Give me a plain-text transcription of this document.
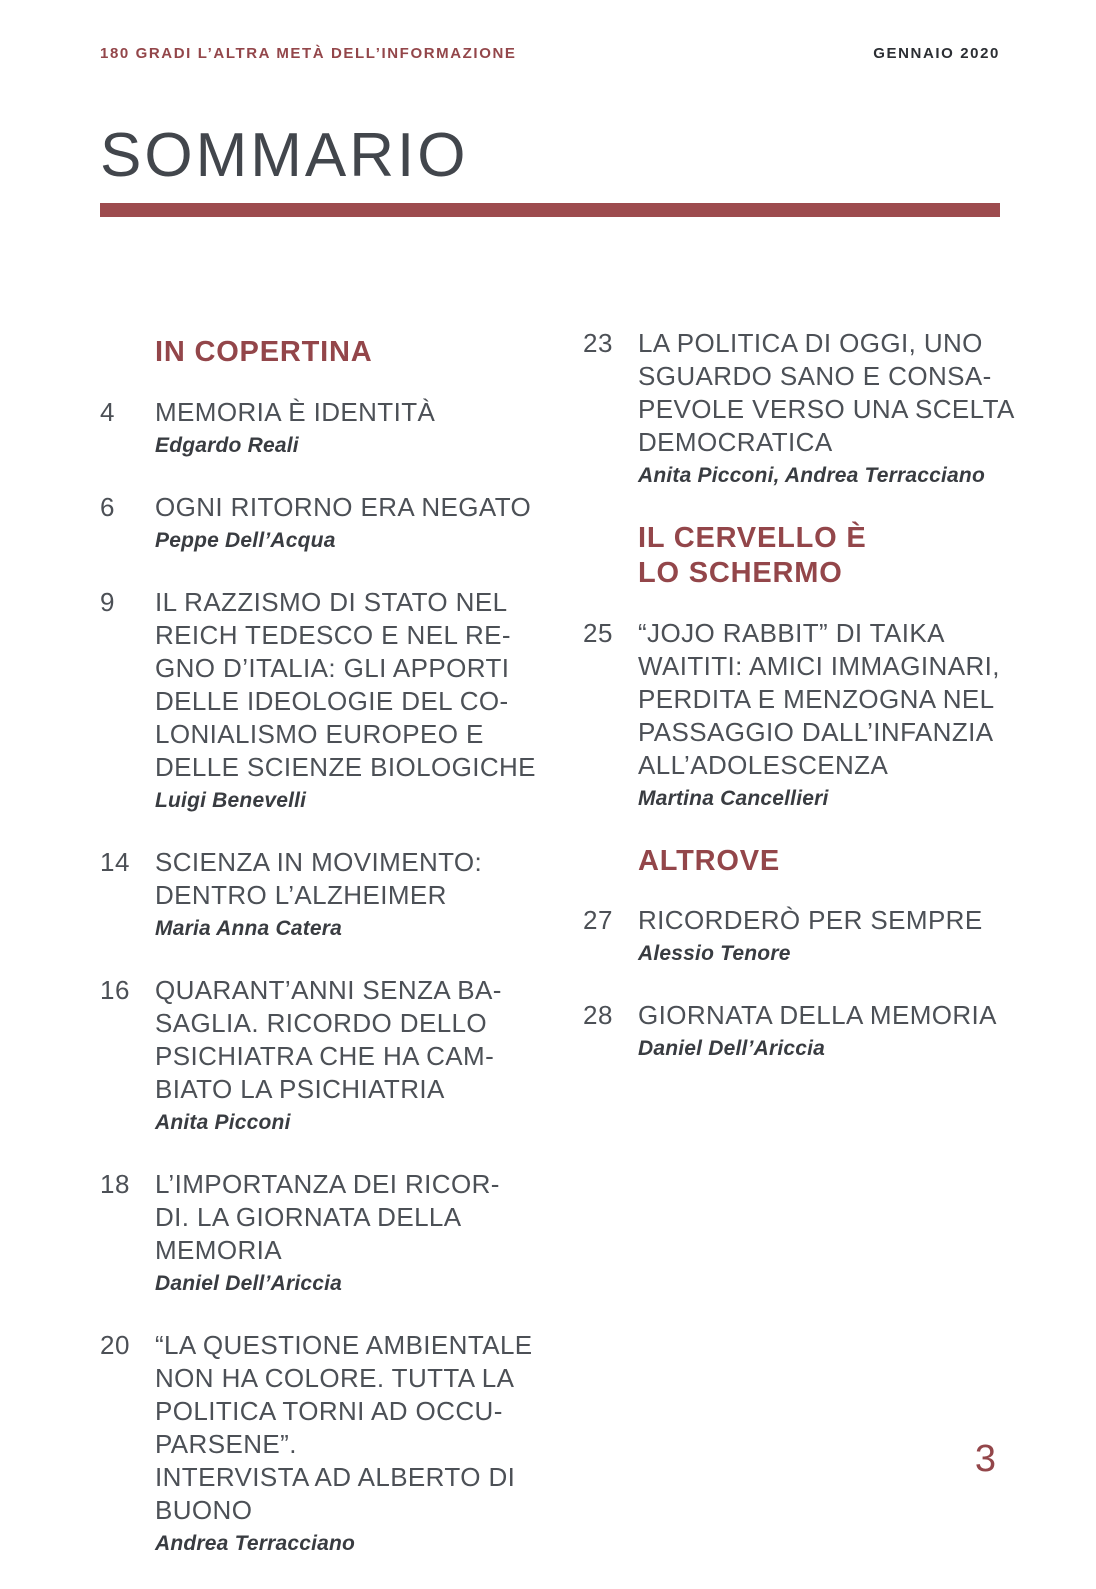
180 GRADI L’ALTRA METÀ DELL’INFORMAZIONE	GENNAIO 2020
SOMMARIO
IN COPERTINA
4	MEMORIA È IDENTITÀ
Edgardo Reali
6	OGNI RITORNO ERA NEGATO
Peppe Dell’Acqua
9	IL RAZZISMO DI STATO NEL
REICH TEDESCO E NEL RE-
GNO D’ITALIA: GLI APPORTI
DELLE IDEOLOGIE DEL CO-
LONIALISMO EUROPEO E
DELLE SCIENZE BIOLOGICHE
Luigi Benevelli
14 SCIENZA IN MOVIMENTO:
DENTRO L’ALZHEIMER
Maria Anna Catera
16 QUARANT’ANNI SENZA BA-
SAGLIA. RICORDO DELLO
PSICHIATRA CHE HA CAM-
BIATO LA PSICHIATRIA
Anita Picconi
18 L’IMPORTANZA DEI RICOR-
DI. LA GIORNATA DELLA
MEMORIA
Daniel Dell’Ariccia
20 “LA QUESTIONE AMBIENTALE
NON HA COLORE. TUTTA LA
POLITICA TORNI AD OCCU-
PARSENE”.
INTERVISTA AD ALBERTO DI
BUONO
Andrea Terracciano
23 LA POLITICA DI OGGI, UNO
SGUARDO SANO E CONSA-
PEVOLE VERSO UNA SCELTA
DEMOCRATICA
Anita Picconi, Andrea Terracciano
IL CERVELLO È
LO SCHERMO
25 “JOJO RABBIT” DI TAIKA
WAITITI: AMICI IMMAGINARI,
PERDITA E MENZOGNA NEL
PASSAGGIO DALL’INFANZIA
ALL’ADOLESCENZA
Martina Cancellieri
ALTROVE
27 RICORDERÒ PER SEMPRE
Alessio Tenore
28 GIORNATA DELLA MEMORIA
Daniel Dell’Ariccia
3
